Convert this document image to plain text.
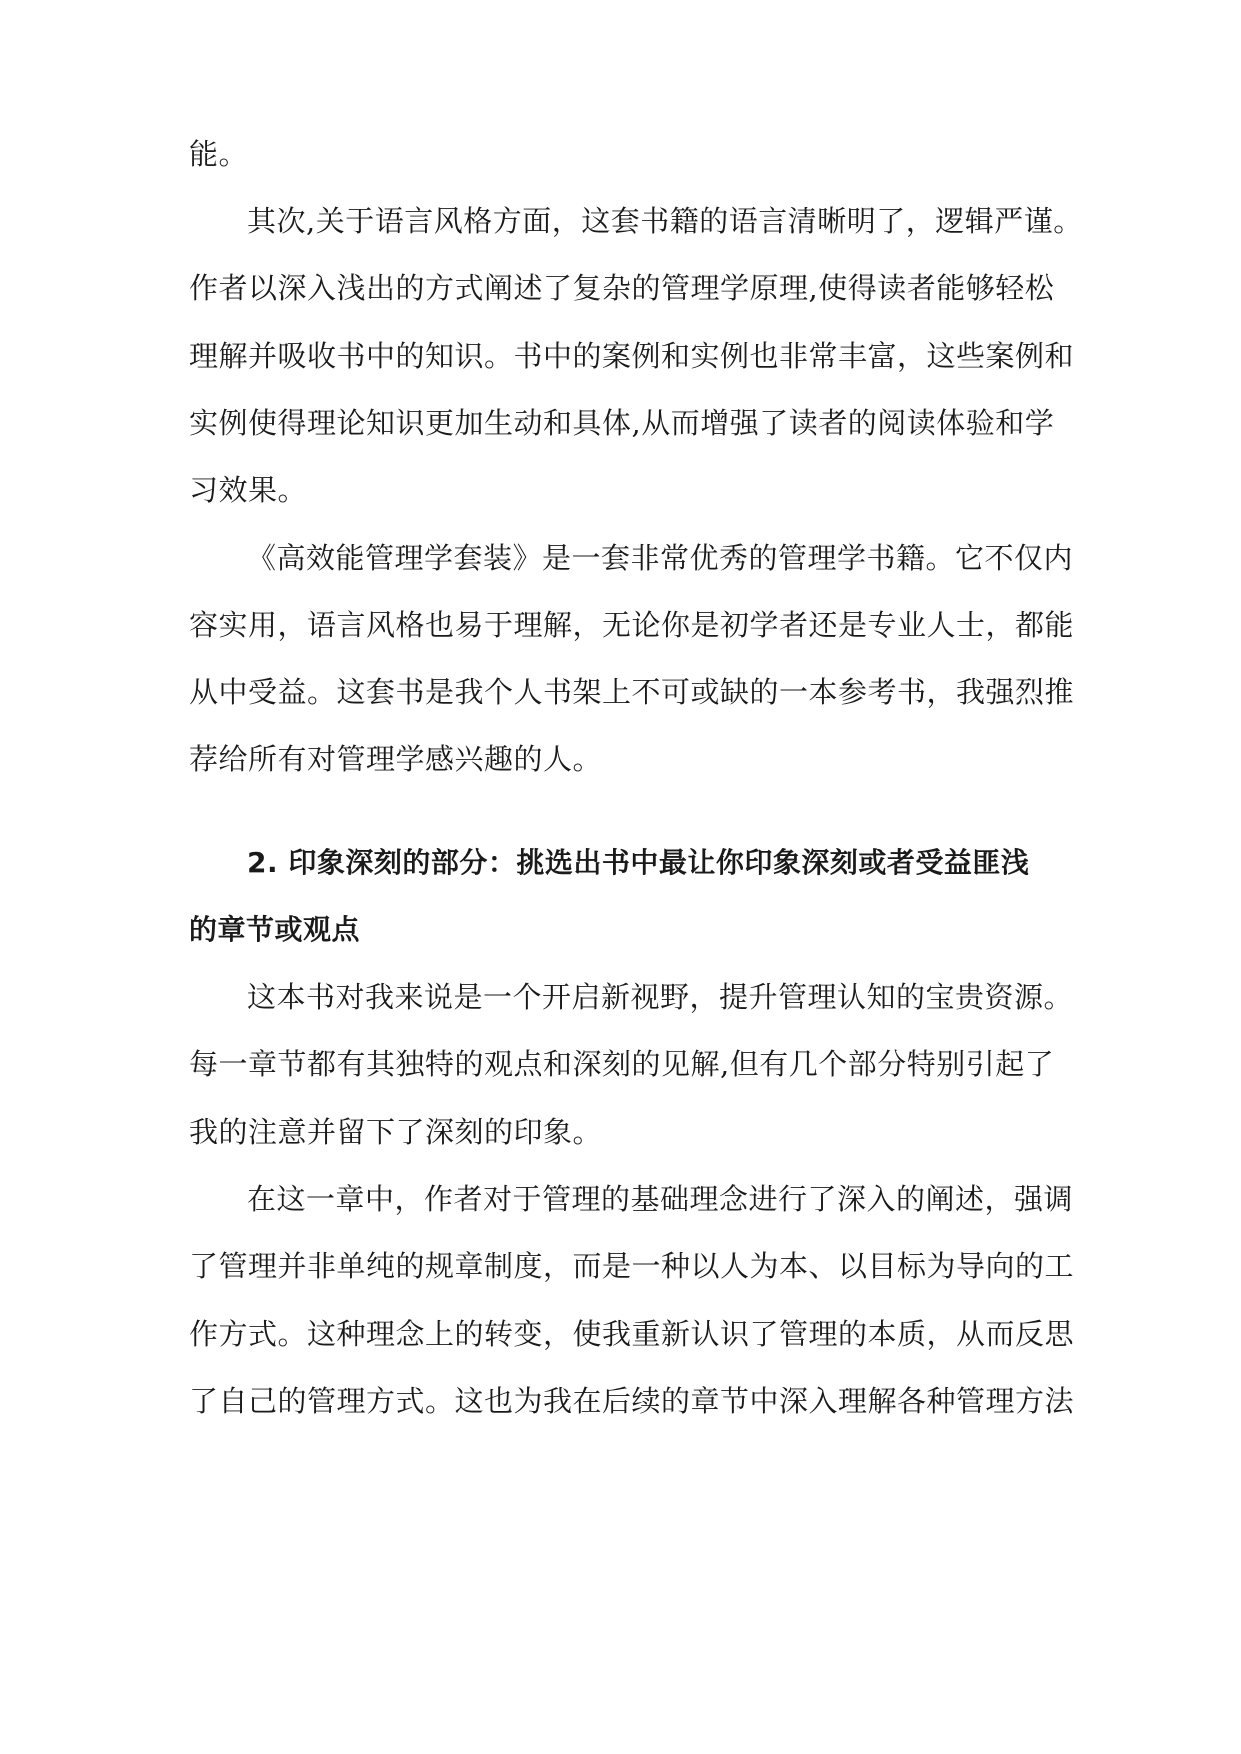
能。
其次,关于语言风格方面，这套书籍的语言清晰明了，逻辑严谨。
作者以深入浅出的方式阐述了复杂的管理学原理,使得读者能够轻松
理解并吸收书中的知识。书中的案例和实例也非常丰富，这些案例和
实例使得理论知识更加生动和具体,从而增强了读者的阅读体验和学
习效果。
《高效能管理学套装》是一套非常优秀的管理学书籍。它不仅内
容实用，语言风格也易于理解，无论你是初学者还是专业人士，都能
从中受益。这套书是我个人书架上不可或缺的一本参考书，我强烈推
荐给所有对管理学感兴趣的人。
2. 印象深刻的部分：挑选出书中最让你印象深刻或者受益匪浅
的章节或观点
这本书对我来说是一个开启新视野，提升管理认知的宝贵资源。
每一章节都有其独特的观点和深刻的见解,但有几个部分特别引起了
我的注意并留下了深刻的印象。
在这一章中，作者对于管理的基础理念进行了深入的阐述，强调
了管理并非单纯的规章制度，而是一种以人为本、以目标为导向的工
作方式。这种理念上的转变，使我重新认识了管理的本质，从而反思
了自己的管理方式。这也为我在后续的章节中深入理解各种管理方法
